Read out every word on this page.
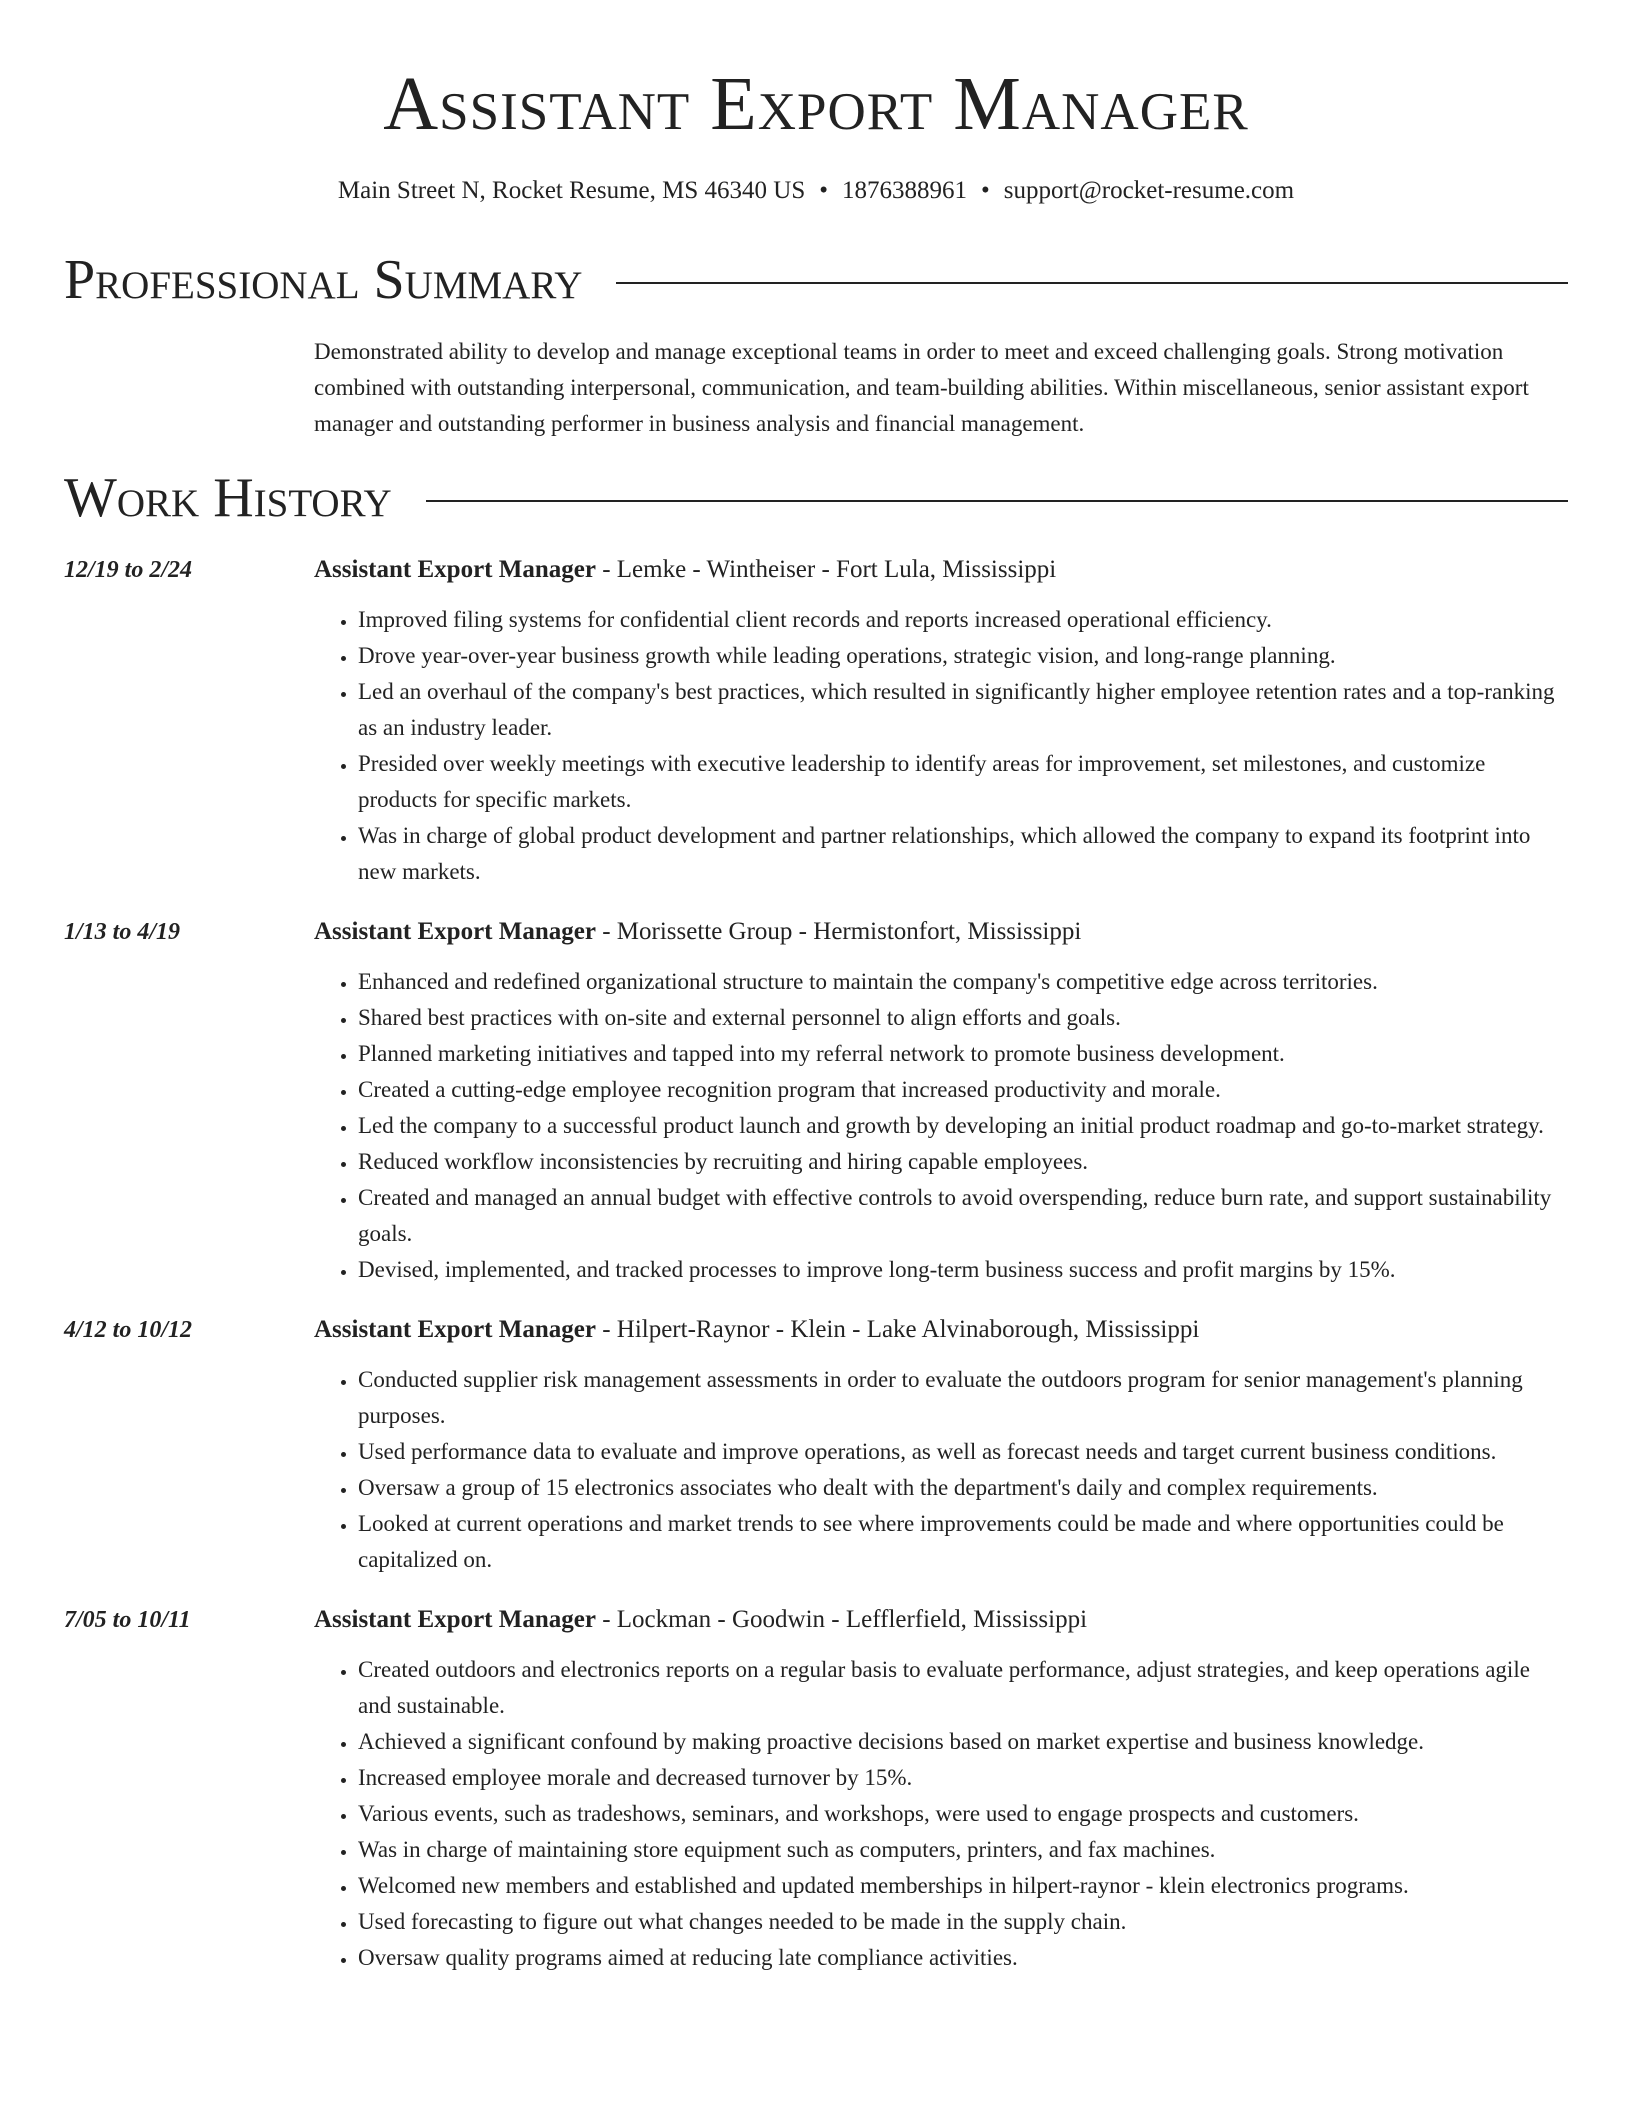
Assistant Export Manager
Main Street N, Rocket Resume, MS 46340 US • 1876388961 • support@rocket-resume.com
Professional Summary
Demonstrated ability to develop and manage exceptional teams in order to meet and exceed challenging goals. Strong motivation combined with outstanding interpersonal, communication, and team-building abilities. Within miscellaneous, senior assistant export manager and outstanding performer in business analysis and financial management.
Work History
12/19 to 2/24	Assistant Export Manager - Lemke - Wintheiser - Fort Lula, Mississippi
• Improved filing systems for confidential client records and reports increased operational efficiency.
• Drove year-over-year business growth while leading operations, strategic vision, and long-range planning.
• Led an overhaul of the company's best practices, which resulted in significantly higher employee retention rates and a top-ranking as an industry leader.
• Presided over weekly meetings with executive leadership to identify areas for improvement, set milestones, and customize products for specific markets.
• Was in charge of global product development and partner relationships, which allowed the company to expand its footprint into new markets.
1/13 to 4/19	Assistant Export Manager - Morissette Group - Hermistonfort, Mississippi
• Enhanced and redefined organizational structure to maintain the company's competitive edge across territories.
• Shared best practices with on-site and external personnel to align efforts and goals.
• Planned marketing initiatives and tapped into my referral network to promote business development.
• Created a cutting-edge employee recognition program that increased productivity and morale.
• Led the company to a successful product launch and growth by developing an initial product roadmap and go-to-market strategy.
• Reduced workflow inconsistencies by recruiting and hiring capable employees.
• Created and managed an annual budget with effective controls to avoid overspending, reduce burn rate, and support sustainability goals.
• Devised, implemented, and tracked processes to improve long-term business success and profit margins by 15%.
4/12 to 10/12	Assistant Export Manager - Hilpert-Raynor - Klein - Lake Alvinaborough, Mississippi
• Conducted supplier risk management assessments in order to evaluate the outdoors program for senior management's planning purposes.
• Used performance data to evaluate and improve operations, as well as forecast needs and target current business conditions.
• Oversaw a group of 15 electronics associates who dealt with the department's daily and complex requirements.
• Looked at current operations and market trends to see where improvements could be made and where opportunities could be capitalized on.
7/05 to 10/11	Assistant Export Manager - Lockman - Goodwin - Lefflerfield, Mississippi
• Created outdoors and electronics reports on a regular basis to evaluate performance, adjust strategies, and keep operations agile and sustainable.
• Achieved a significant confound by making proactive decisions based on market expertise and business knowledge.
• Increased employee morale and decreased turnover by 15%.
• Various events, such as tradeshows, seminars, and workshops, were used to engage prospects and customers.
• Was in charge of maintaining store equipment such as computers, printers, and fax machines.
• Welcomed new members and established and updated memberships in hilpert-raynor - klein electronics programs.
• Used forecasting to figure out what changes needed to be made in the supply chain.
• Oversaw quality programs aimed at reducing late compliance activities.
